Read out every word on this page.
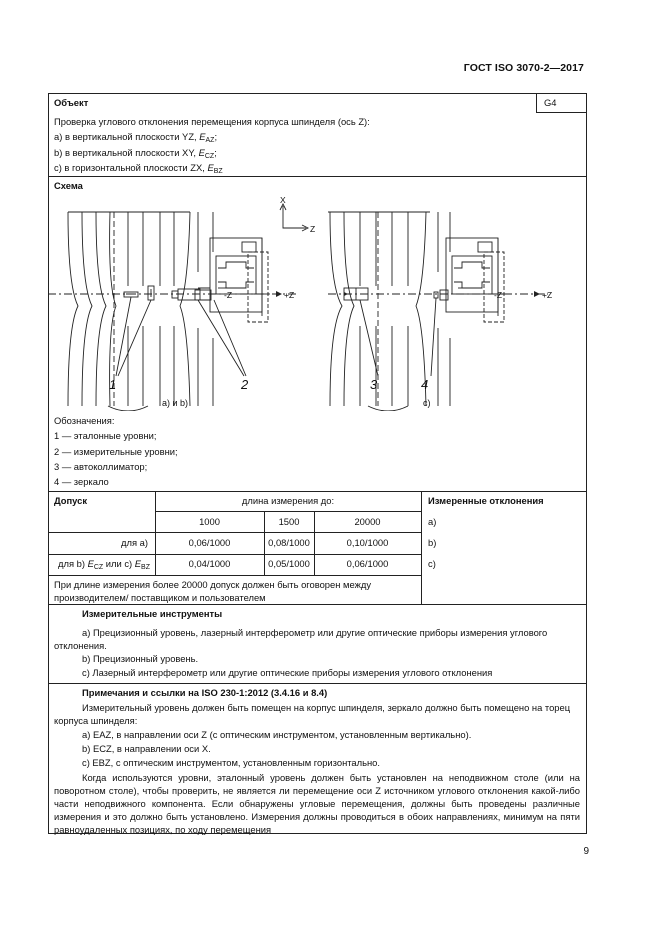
ГОСТ ISO 3070-2—2017
Объект	G4
Проверка углового отклонения перемещения корпуса шпинделя (ось Z):
a) в вертикальной плоскости YZ, $E_{AZ}$;
b) в вертикальной плоскости XY, $E_{CZ}$;
c) в горизонтальной плоскости ZX, $E_{BZ}$
Схема
X
Z
-Z	+Z	-Z	+Z
1	2	3	4
а) и b)	c)
Обозначения:
1 — эталонные уровни;
2 — измерительные уровни;
3 — автоколлиматор;
4 — зеркало
Допуск	длина измерения до:
1000	1500	20000
для a)	0,06/1000	0,08/1000	0,10/1000
для b) $E_{CZ}$ или с) $E_{BZ}$	0,04/1000	0,05/1000	0,06/1000
При длине измерения более 20000 допуск должен быть оговорен между производителем/ поставщиком и пользователем
Измеренные отклонения
a)
b)
c)
Измерительные инструменты
a) Прецизионный уровень, лазерный интерферометр или другие оптические приборы измерения углового отклонения.
b) Прецизионный уровень.
c) Лазерный интерферометр или другие оптические приборы измерения углового отклонения
Примечания и ссылки на ISO 230-1:2012 (3.4.16 и 8.4)
Измерительный уровень должен быть помещен на корпус шпинделя, зеркало должно быть помещено на торец корпуса шпинделя:
a) EAZ, в направлении оси Z (с оптическим инструментом, установленным вертикально).
b) ECZ, в направлении оси X.
c) EBZ, с оптическим инструментом, установленным горизонтально.
Когда используются уровни, эталонный уровень должен быть установлен на неподвижном столе (или на поворотном столе), чтобы проверить, не является ли перемещение оси Z источником углового отклонения какой-либо части неподвижного компонента. Если обнаружены угловые перемещения, должны быть проведены различные измерения и это должно быть установлено. Измерения должны проводиться в обоих направлениях, минимум на пяти равноудаленных позициях, по ходу перемещения
9
